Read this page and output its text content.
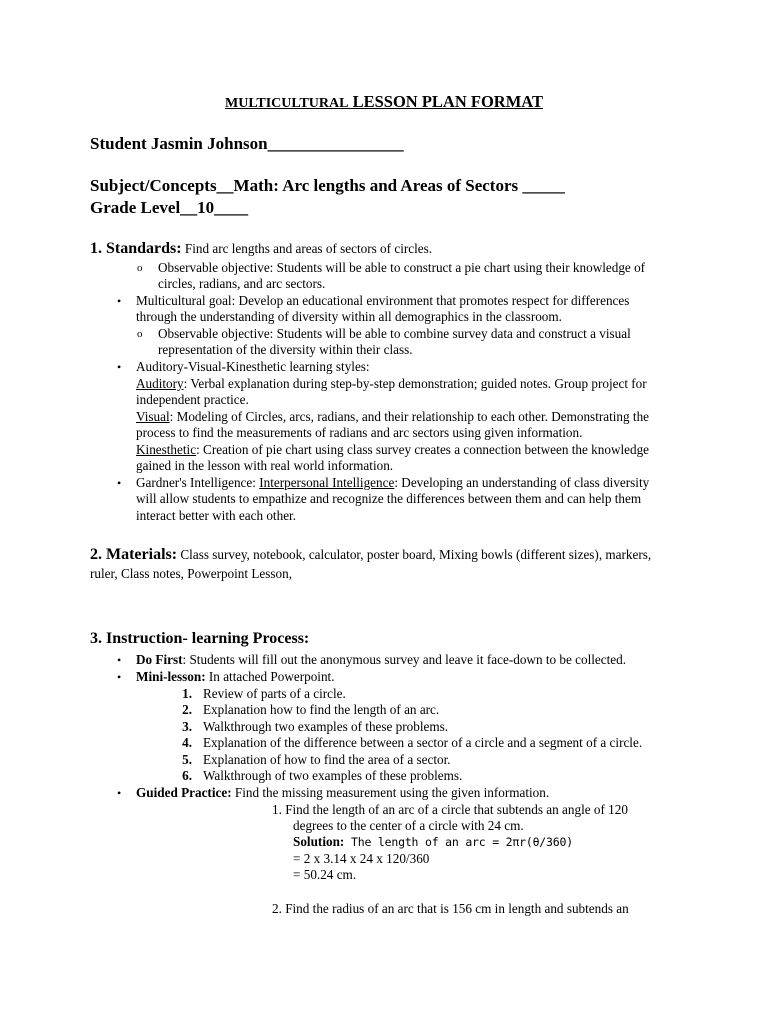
MULTICULTURAL LESSON PLAN FORMAT
Student Jasmin Johnson________________
Subject/Concepts__Math: Arc lengths and Areas of Sectors _____
Grade Level__10____
1. Standards: Find arc lengths and areas of sectors of circles.
o Observable objective: Students will be able to construct a pie chart using their knowledge of
circles, radians, and arc sectors.
• Multicultural goal: Develop an educational environment that promotes respect for differences
through the understanding of diversity within all demographics in the classroom.
o Observable objective: Students will be able to combine survey data and construct a visual
representation of the diversity within their class.
• Auditory-Visual-Kinesthetic learning styles:
Auditory: Verbal explanation during step-by-step demonstration; guided notes. Group project for
independent practice.
Visual: Modeling of Circles, arcs, radians, and their relationship to each other. Demonstrating the
process to find the measurements of radians and arc sectors using given information.
Kinesthetic: Creation of pie chart using class survey creates a connection between the knowledge
gained in the lesson with real world information.
• Gardner's Intelligence: Interpersonal Intelligence: Developing an understanding of class diversity
will allow students to empathize and recognize the differences between them and can help them
interact better with each other.
2. Materials: Class survey, notebook, calculator, poster board, Mixing bowls (different sizes), markers,
ruler, Class notes, Powerpoint Lesson,
3. Instruction- learning Process:
• Do First: Students will fill out the anonymous survey and leave it face-down to be collected.
• Mini-lesson: In attached Powerpoint.
1. Review of parts of a circle.
2. Explanation how to find the length of an arc.
3. Walkthrough two examples of these problems.
4. Explanation of the difference between a sector of a circle and a segment of a circle.
5. Explanation of how to find the area of a sector.
6. Walkthrough of two examples of these problems.
• Guided Practice: Find the missing measurement using the given information.
1. Find the length of an arc of a circle that subtends an angle of 120
degrees to the center of a circle with 24 cm.
Solution: The length of an arc = 2πr(θ/360)
= 2 x 3.14 x 24 x 120/360
= 50.24 cm.
2. Find the radius of an arc that is 156 cm in length and subtends an
